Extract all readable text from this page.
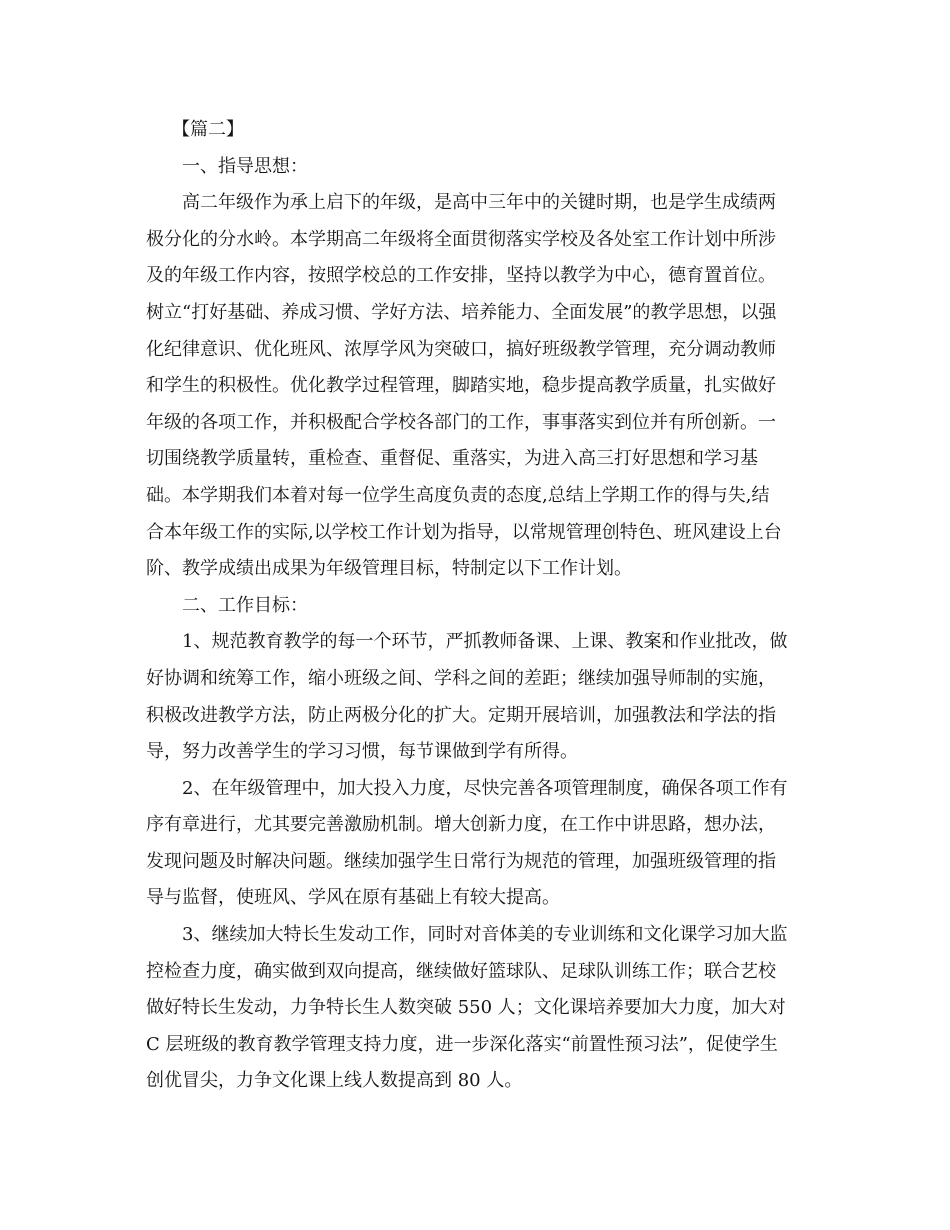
【篇二】
一、指导思想：
高二年级作为承上启下的年级，是高中三年中的关键时期，也是学生成绩两
极分化的分水岭。本学期高二年级将全面贯彻落实学校及各处室工作计划中所涉
及的年级工作内容，按照学校总的工作安排，坚持以教学为中心，德育置首位。
树立“打好基础、养成习惯、学好方法、培养能力、全面发展”的教学思想，以强
化纪律意识、优化班风、浓厚学风为突破口，搞好班级教学管理，充分调动教师
和学生的积极性。优化教学过程管理，脚踏实地，稳步提高教学质量，扎实做好
年级的各项工作，并积极配合学校各部门的工作，事事落实到位并有所创新。一
切围绕教学质量转，重检查、重督促、重落实，为进入高三打好思想和学习基
础。本学期我们本着对每一位学生高度负责的态度,总结上学期工作的得与失,结
合本年级工作的实际,以学校工作计划为指导，以常规管理创特色、班风建设上台
阶、教学成绩出成果为年级管理目标，特制定以下工作计划。
二、工作目标：
1、规范教育教学的每一个环节，严抓教师备课、上课、教案和作业批改，做
好协调和统筹工作，缩小班级之间、学科之间的差距；继续加强导师制的实施，
积极改进教学方法，防止两极分化的扩大。定期开展培训，加强教法和学法的指
导，努力改善学生的学习习惯，每节课做到学有所得。
2、在年级管理中，加大投入力度，尽快完善各项管理制度，确保各项工作有
序有章进行，尤其要完善激励机制。增大创新力度，在工作中讲思路，想办法，
发现问题及时解决问题。继续加强学生日常行为规范的管理，加强班级管理的指
导与监督，使班风、学风在原有基础上有较大提高。
3、继续加大特长生发动工作，同时对音体美的专业训练和文化课学习加大监
控检查力度，确实做到双向提高，继续做好篮球队、足球队训练工作；联合艺校
做好特长生发动，力争特长生人数突破 550 人；文化课培养要加大力度，加大对
C 层班级的教育教学管理支持力度，进一步深化落实“前置性预习法”，促使学生
创优冒尖，力争文化课上线人数提高到 80 人。
